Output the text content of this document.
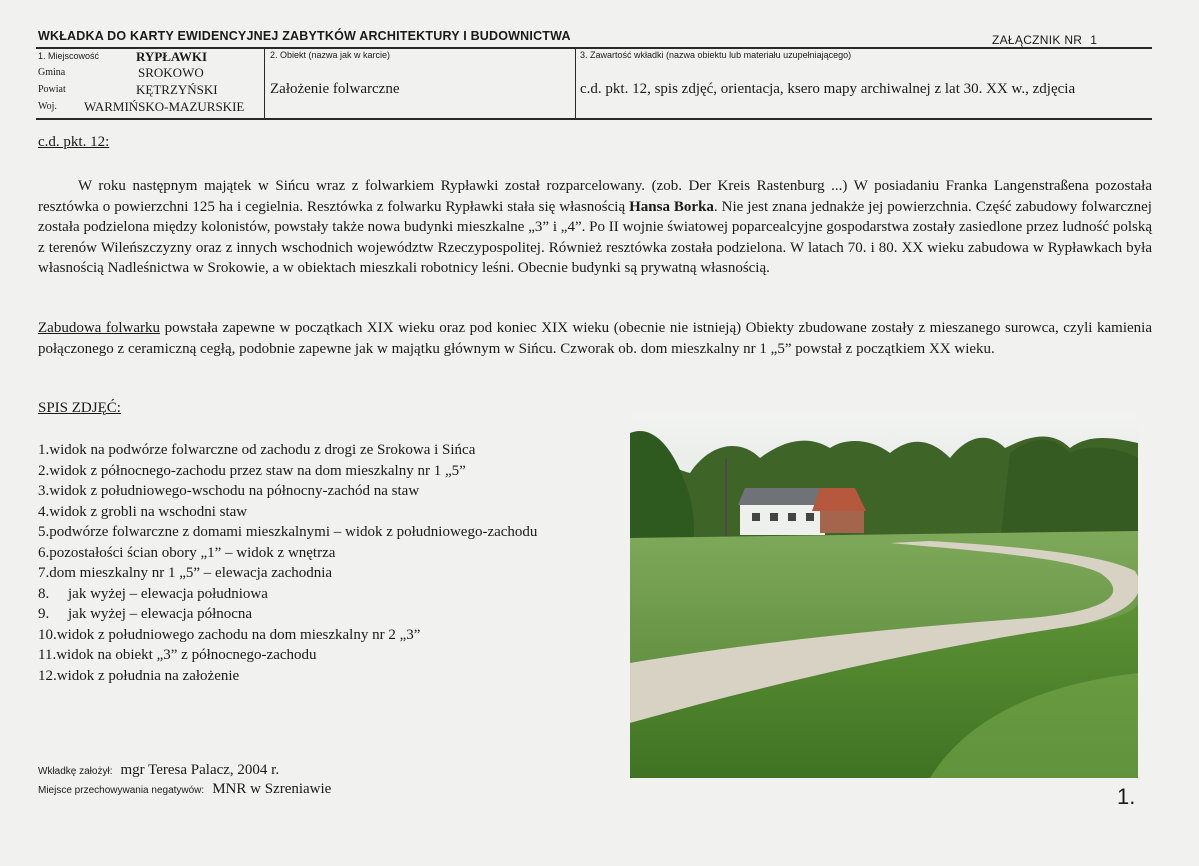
WKŁADKA DO KARTY EWIDENCYJNEJ ZABYTKÓW ARCHITEKTURY I BUDOWNICTWA	ZAŁĄCZNIK NR 1
1. Miejscowość	RYPŁAWKI
Gmina	SROKOWO
Powiat	KĘTRZYŃSKI
Woj. WARMIŃSKO-MAZURSKIE
2. Obiekt (nazwa jak w karcie)
Założenie folwarczne
3. Zawartość wkładki (nazwa obiektu lub materiału uzupełniającego)
c.d. pkt. 12, spis zdjęć, orientacja, ksero mapy archiwalnej z lat 30. XX w., zdjęcia
c.d. pkt. 12:
W roku następnym majątek w Sińcu wraz z folwarkiem Rypławki został rozparcelowany. (zob. Der Kreis Rastenburg ...) W posiadaniu Franka Langenstraßena pozostała resztówka o powierzchni 125 ha i cegielnia. Resztówka z folwarku Rypławki stała się własnością Hansa Borka. Nie jest znana jednakże jej powierzchnia. Część zabudowy folwarcznej została podzielona między kolonistów, powstały także nowa budynki mieszkalne „3” i „4”. Po II wojnie światowej poparcealcyjne gospodarstwa zostały zasiedlone przez ludność polską z terenów Wileńszczyzny oraz z innych wschodnich województw Rzeczypospolitej. Również resztówka została podzielona. W latach 70. i 80. XX wieku zabudowa w Rypławkach była własnością Nadleśnictwa w Srokowie, a w obiektach mieszkali robotnicy leśni. Obecnie budynki są prywatną własnością.
Zabudowa folwarku powstała zapewne w początkach XIX wieku oraz pod koniec XIX wieku (obecnie nie istnieją) Obiekty zbudowane zostały z mieszanego surowca, czyli kamienia połączonego z ceramiczną cegłą, podobnie zapewne jak w majątku głównym w Sińcu. Czworak ob. dom mieszkalny nr 1 „5” powstał z początkiem XX wieku.
SPIS ZDJĘĆ:
1.widok na podwórze folwarczne od zachodu z drogi ze Srokowa i Sińca
2.widok z północnego-zachodu przez staw na dom mieszkalny nr 1 „5”
3.widok z południowego-wschodu na północny-zachód na staw
4.widok z grobli na wschodni staw
5.podwórze folwarczne z domami mieszkalnymi – widok z południowego-zachodu
6.pozostałości ścian obory „1” – widok z wnętrza
7.dom mieszkalny nr 1 „5” – elewacja zachodnia
8.     jak wyżej – elewacja południowa
9.     jak wyżej – elewacja północna
10.widok z południowego zachodu na dom mieszkalny nr 2 „3”
11.widok na obiekt „3” z północnego-zachodu
12.widok z południa na założenie
Wkładkę założył: mgr Teresa Palacz, 2004 r.
Miejsce przechowywania negatywów: MNR w Szreniawie	1.
